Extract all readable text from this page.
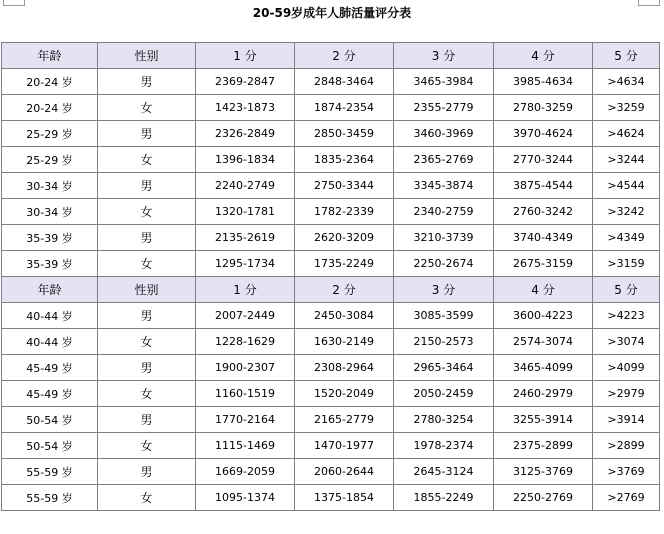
20-59岁成年人肺活量评分表
年龄	性别	1 分	2 分	3 分	4 分	5 分
20-24 岁	男	2369-2847	2848-3464	3465-3984	3985-4634	>4634
20-24 岁	女	1423-1873	1874-2354	2355-2779	2780-3259	>3259
25-29 岁	男	2326-2849	2850-3459	3460-3969	3970-4624	>4624
25-29 岁	女	1396-1834	1835-2364	2365-2769	2770-3244	>3244
30-34 岁	男	2240-2749	2750-3344	3345-3874	3875-4544	>4544
30-34 岁	女	1320-1781	1782-2339	2340-2759	2760-3242	>3242
35-39 岁	男	2135-2619	2620-3209	3210-3739	3740-4349	>4349
35-39 岁	女	1295-1734	1735-2249	2250-2674	2675-3159	>3159
年龄	性别	1 分	2 分	3 分	4 分	5 分
40-44 岁	男	2007-2449	2450-3084	3085-3599	3600-4223	>4223
40-44 岁	女	1228-1629	1630-2149	2150-2573	2574-3074	>3074
45-49 岁	男	1900-2307	2308-2964	2965-3464	3465-4099	>4099
45-49 岁	女	1160-1519	1520-2049	2050-2459	2460-2979	>2979
50-54 岁	男	1770-2164	2165-2779	2780-3254	3255-3914	>3914
50-54 岁	女	1115-1469	1470-1977	1978-2374	2375-2899	>2899
55-59 岁	男	1669-2059	2060-2644	2645-3124	3125-3769	>3769
55-59 岁	女	1095-1374	1375-1854	1855-2249	2250-2769	>2769
